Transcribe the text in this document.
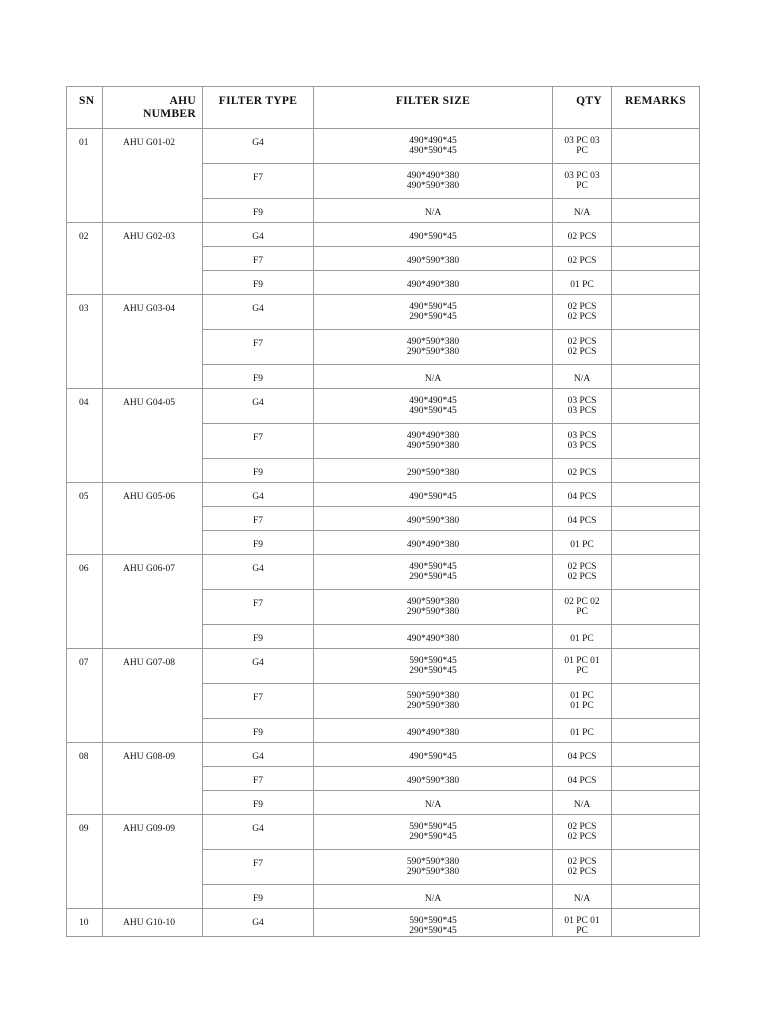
SN	AHU
NUMBER	FILTER TYPE	FILTER SIZE	QTY	REMARKS
01	AHU G01-02	G4	490*490*45
490*590*45	03 PC 03
PC	

		F7	490*490*380
490*590*380	03 PC 03
PC	

		F9	N/A	N/A	

02	AHU G02-03	G4	490*590*45	02 PCS	

		F7	490*590*380	02 PCS	

		F9	490*490*380	01 PC	

03	AHU G03-04	G4	490*590*45
290*590*45	02 PCS
02 PCS	

		F7	490*590*380
290*590*380	02 PCS
02 PCS	

		F9	N/A	N/A	

04	AHU G04-05	G4	490*490*45
490*590*45	03 PCS
03 PCS	

		F7	490*490*380
490*590*380	03 PCS
03 PCS	

		F9	290*590*380	02 PCS	

05	AHU G05-06	G4	490*590*45	04 PCS	

		F7	490*590*380	04 PCS	

		F9	490*490*380	01 PC	

06	AHU G06-07	G4	490*590*45
290*590*45	02 PCS
02 PCS	

		F7	490*590*380
290*590*380	02 PC 02
PC	

		F9	490*490*380	01 PC	

07	AHU G07-08	G4	590*590*45
290*590*45	01 PC 01
PC	

		F7	590*590*380
290*590*380	01 PC
01 PC	

		F9	490*490*380	01 PC	

08	AHU G08-09	G4	490*590*45	04 PCS	

		F7	490*590*380	04 PCS	

		F9	N/A	N/A	

09	AHU G09-09	G4	590*590*45
290*590*45	02 PCS
02 PCS	

		F7	590*590*380
290*590*380	02 PCS
02 PCS	

		F9	N/A	N/A	

10	AHU G10-10	G4	590*590*45
290*590*45	01 PC 01
PC	
